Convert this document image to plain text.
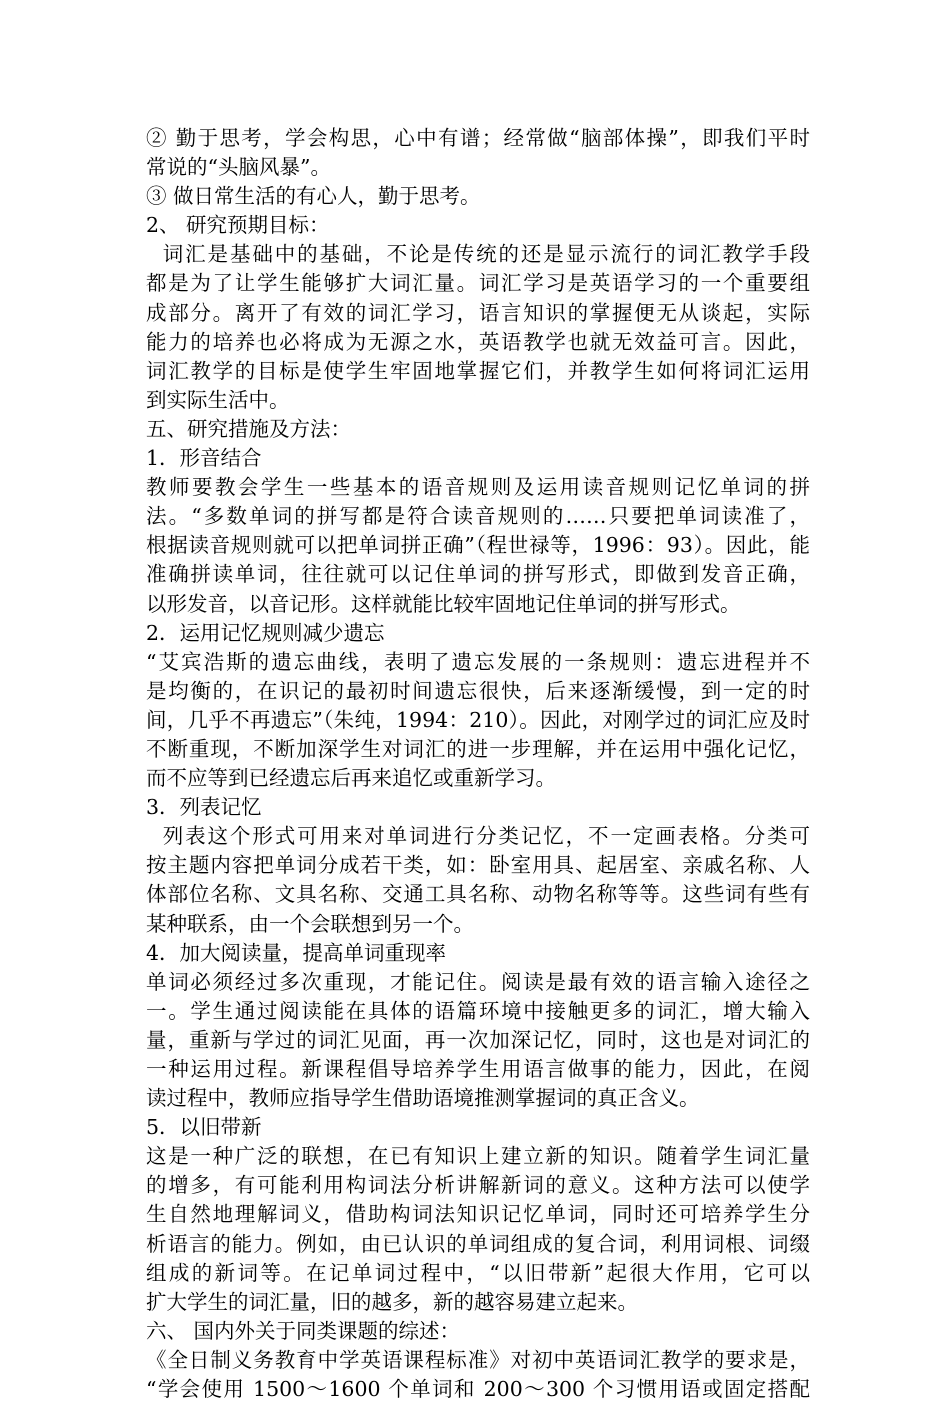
② 勤于思考，学会构思，心中有谱；经常做“脑部体操”，即我们平时
常说的“头脑风暴”。
③ 做日常生活的有心人，勤于思考。
2、 研究预期目标：
词汇是基础中的基础，不论是传统的还是显示流行的词汇教学手段
都是为了让学生能够扩大词汇量。词汇学习是英语学习的一个重要组
成部分。离开了有效的词汇学习，语言知识的掌握便无从谈起，实际
能力的培养也必将成为无源之水，英语教学也就无效益可言。因此，
词汇教学的目标是使学生牢固地掌握它们，并教学生如何将词汇运用
到实际生活中。
五、研究措施及方法：
1．形音结合
教师要教会学生一些基本的语音规则及运用读音规则记忆单词的拼
法。“多数单词的拼写都是符合读音规则的……只要把单词读准了，
根据读音规则就可以把单词拼正确”（程世禄等，1996：93）。因此，能
准确拼读单词，往往就可以记住单词的拼写形式，即做到发音正确，
以形发音，以音记形。这样就能比较牢固地记住单词的拼写形式。
2．运用记忆规则减少遗忘
“艾宾浩斯的遗忘曲线，表明了遗忘发展的一条规则：遗忘进程并不
是均衡的，在识记的最初时间遗忘很快，后来逐渐缓慢，到一定的时
间，几乎不再遗忘”（朱纯，1994：210）。因此，对刚学过的词汇应及时
不断重现，不断加深学生对词汇的进一步理解，并在运用中强化记忆，
而不应等到已经遗忘后再来追忆或重新学习。
3．列表记忆
列表这个形式可用来对单词进行分类记忆，不一定画表格。分类可
按主题内容把单词分成若干类，如：卧室用具、起居室、亲戚名称、人
体部位名称、文具名称、交通工具名称、动物名称等等。这些词有些有
某种联系，由一个会联想到另一个。
4．加大阅读量，提高单词重现率
单词必须经过多次重现，才能记住。阅读是最有效的语言输入途径之
一。学生通过阅读能在具体的语篇环境中接触更多的词汇，增大输入
量，重新与学过的词汇见面，再一次加深记忆，同时，这也是对词汇的
一种运用过程。新课程倡导培养学生用语言做事的能力，因此，在阅
读过程中，教师应指导学生借助语境推测掌握词的真正含义。
5．以旧带新
这是一种广泛的联想，在已有知识上建立新的知识。随着学生词汇量
的增多，有可能利用构词法分析讲解新词的意义。这种方法可以使学
生自然地理解词义，借助构词法知识记忆单词，同时还可培养学生分
析语言的能力。例如，由已认识的单词组成的复合词，利用词根、词缀
组成的新词等。在记单词过程中，“以旧带新”起很大作用，它可以
扩大学生的词汇量，旧的越多，新的越容易建立起来。
六、 国内外关于同类课题的综述：
《全日制义务教育中学英语课程标准》对初中英语词汇教学的要求是，
“学会使用 1500～1600 个单词和 200～300 个习惯用语或固定搭配
